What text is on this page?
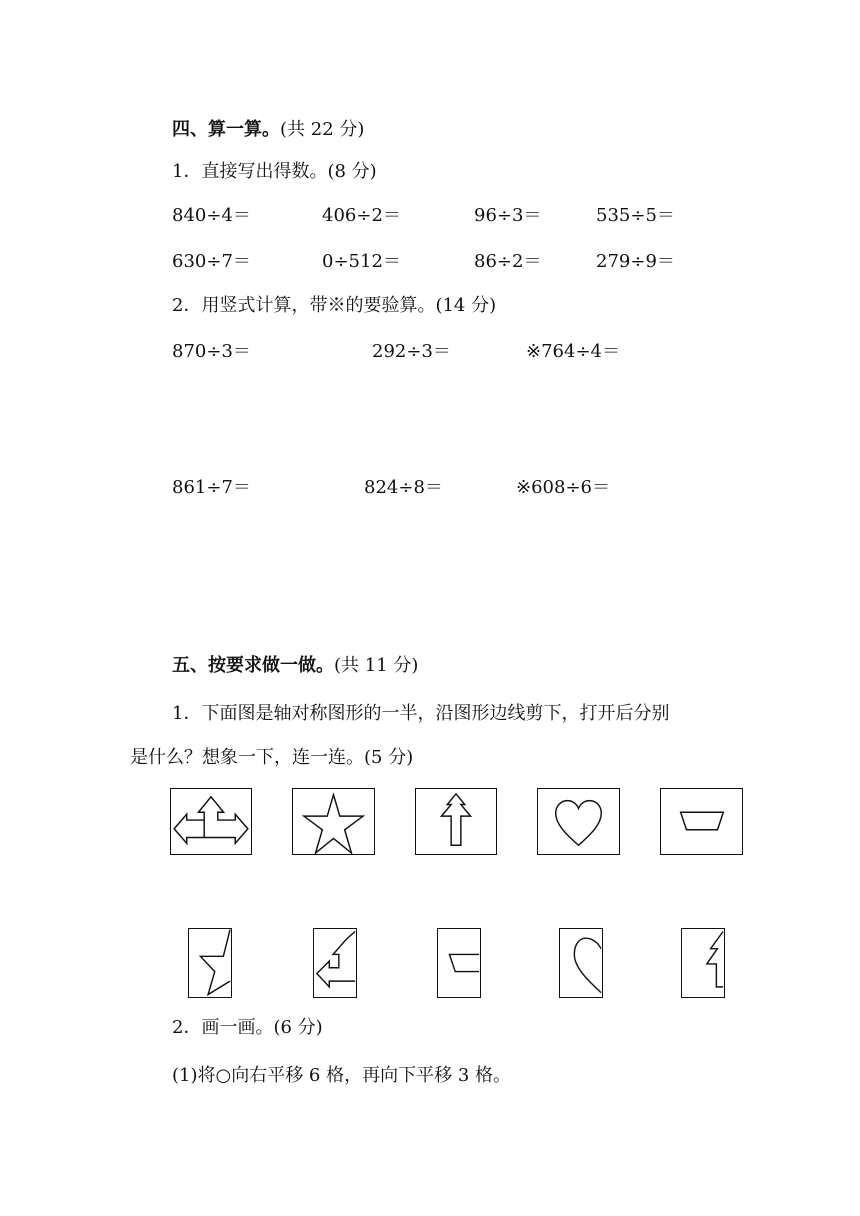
四、算一算。(共 22 分)
1．直接写出得数。(8 分)
840÷4＝	406÷2＝	96÷3＝	535÷5＝
630÷7＝	0÷512＝	86÷2＝	279÷9＝
2．用竖式计算，带※的要验算。(14 分)
870÷3＝	292÷3＝	※764÷4＝
861÷7＝	824÷8＝	※608÷6＝
五、按要求做一做。(共 11 分)
1．下面图是轴对称图形的一半，沿图形边线剪下，打开后分别
是什么？想象一下，连一连。(5 分)
2．画一画。(6 分)
(1)将○向右平移 6 格，再向下平移 3 格。
